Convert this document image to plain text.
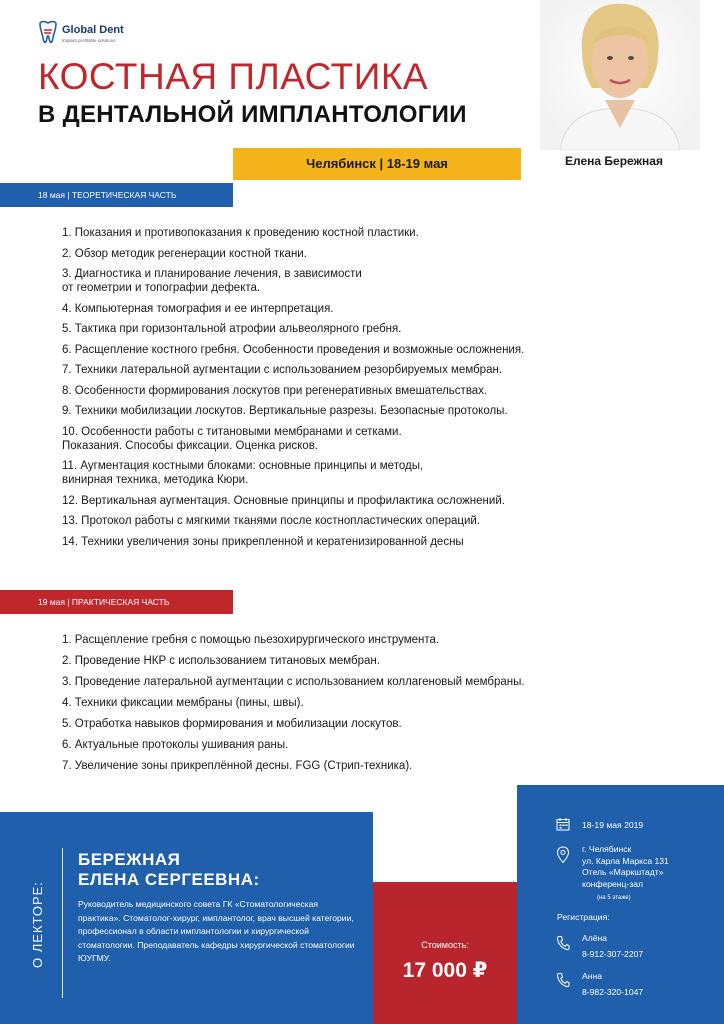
Global Dent
Implant profitable solutions
КОСТНАЯ ПЛАСТИКА
В ДЕНТАЛЬНОЙ ИМПЛАНТОЛОГИИ
Челябинск | 18-19 мая	Елена Бережная
18 мая | ТЕОРЕТИЧЕСКАЯ ЧАСТЬ
1. Показания и противопоказания к проведению костной пластики.
2. Обзор методик регенерации костной ткани.
3. Диагностика и планирование лечения, в зависимости
от геометрии и топографии дефекта.
4. Компьютерная томография и ее интерпретация.
5. Тактика при горизонтальной атрофии альвеолярного гребня.
6. Расщепление костного гребня. Особенности проведения и возможные осложнения.
7. Техники латеральной аугментации с использованием резорбируемых мембран.
8. Особенности формирования лоскутов при регенеративных вмешательствах.
9. Техники мобилизации лоскутов. Вертикальные разрезы. Безопасные протоколы.
10. Особенности работы с титановыми мембранами и сетками.
Показания. Способы фиксации. Оценка рисков.
11. Аугментация костными блоками: основные принципы и методы,
винирная техника, методика Кюри.
12. Вертикальная аугментация. Основные принципы и профилактика осложнений.
13. Протокол работы с мягкими тканями после костнопластических операций.
14. Техники увеличения зоны прикрепленной и кератенизированной десны
19 мая | ПРАКТИЧЕСКАЯ ЧАСТЬ
1. Расщепление гребня с помощью пьезохирургического инструмента.
2. Проведение НКР с использованием титановых мембран.
3. Проведение латеральной аугментации с использованием коллагеновый мембраны.
4. Техники фиксации мембраны (пины, швы).
5. Отработка навыков формирования и мобилизации лоскутов.
6. Актуальные протоколы ушивания раны.
7. Увеличение зоны прикреплённой десны. FGG (Стрип-техника).
О ЛЕКТОРЕ:
БЕРЕЖНАЯ
ЕЛЕНА СЕРГЕЕВНА:
Руководитель медицинского совета ГК «Стоматологическая практика». Стоматолог-хирург, имплантолог, врач высшей категории, профессионал в области имплантологии и хирургической стоматологии. Преподаватель кафедры хирургической стоматологии ЮУГМУ.
Стоимость:
17 000 ₽
18-19 мая 2019
г. Челябинск
ул. Карла Маркса 131
Отель «Маркштадт»
конференц-зал
(на 5 этаже)
Регистрация:
Алёна
8-912-307-2207
Анна
8-982-320-1047
